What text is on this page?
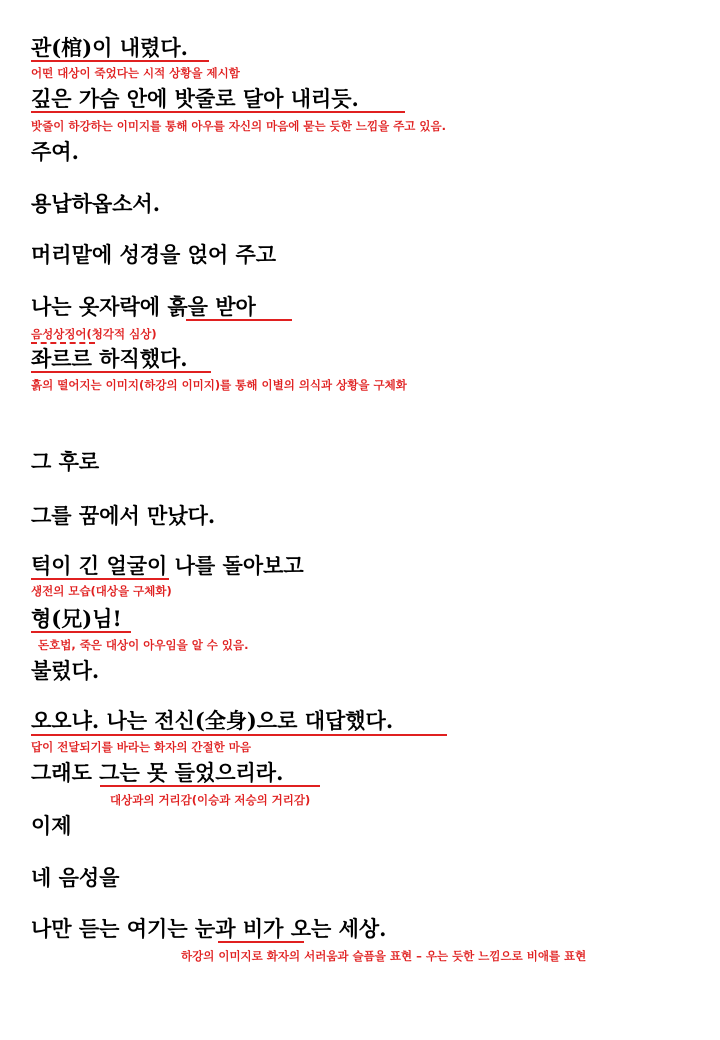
관(棺)이 내렸다.
깊은 가슴 안에 밧줄로 달아 내리듯.
주여.
용납하옵소서.
머리맡에 성경을 얹어 주고
나는 옷자락에 흙을 받아
좌르르 하직했다.
그 후로
그를 꿈에서 만났다.
턱이 긴 얼굴이 나를 돌아보고
형(兄)님!
불렀다.
오오냐. 나는 전신(全身)으로 대답했다.
그래도 그는 못 들었으리라.
이제
네 음성을
나만 듣는 여기는 눈과 비가 오는 세상.
어떤 대상이 죽었다는 시적 상황을 제시함
밧줄이 하강하는 이미지를 통해 아우를 자신의 마음에 묻는 듯한 느낌을 주고 있음.
음성상징어(청각적 심상)
흙의 떨어지는 이미지(하강의 이미지)를 통해 이별의 의식과 상황을 구체화
생전의 모습(대상을 구체화)
돈호법, 죽은 대상이 아우임을 알 수 있음.
답이 전달되기를 바라는 화자의 간절한 마음
대상과의 거리감(이승과 저승의 거리감)
하강의 이미지로 화자의 서러움과 슬픔을 표현 – 우는 듯한 느낌으로 비애를 표현
